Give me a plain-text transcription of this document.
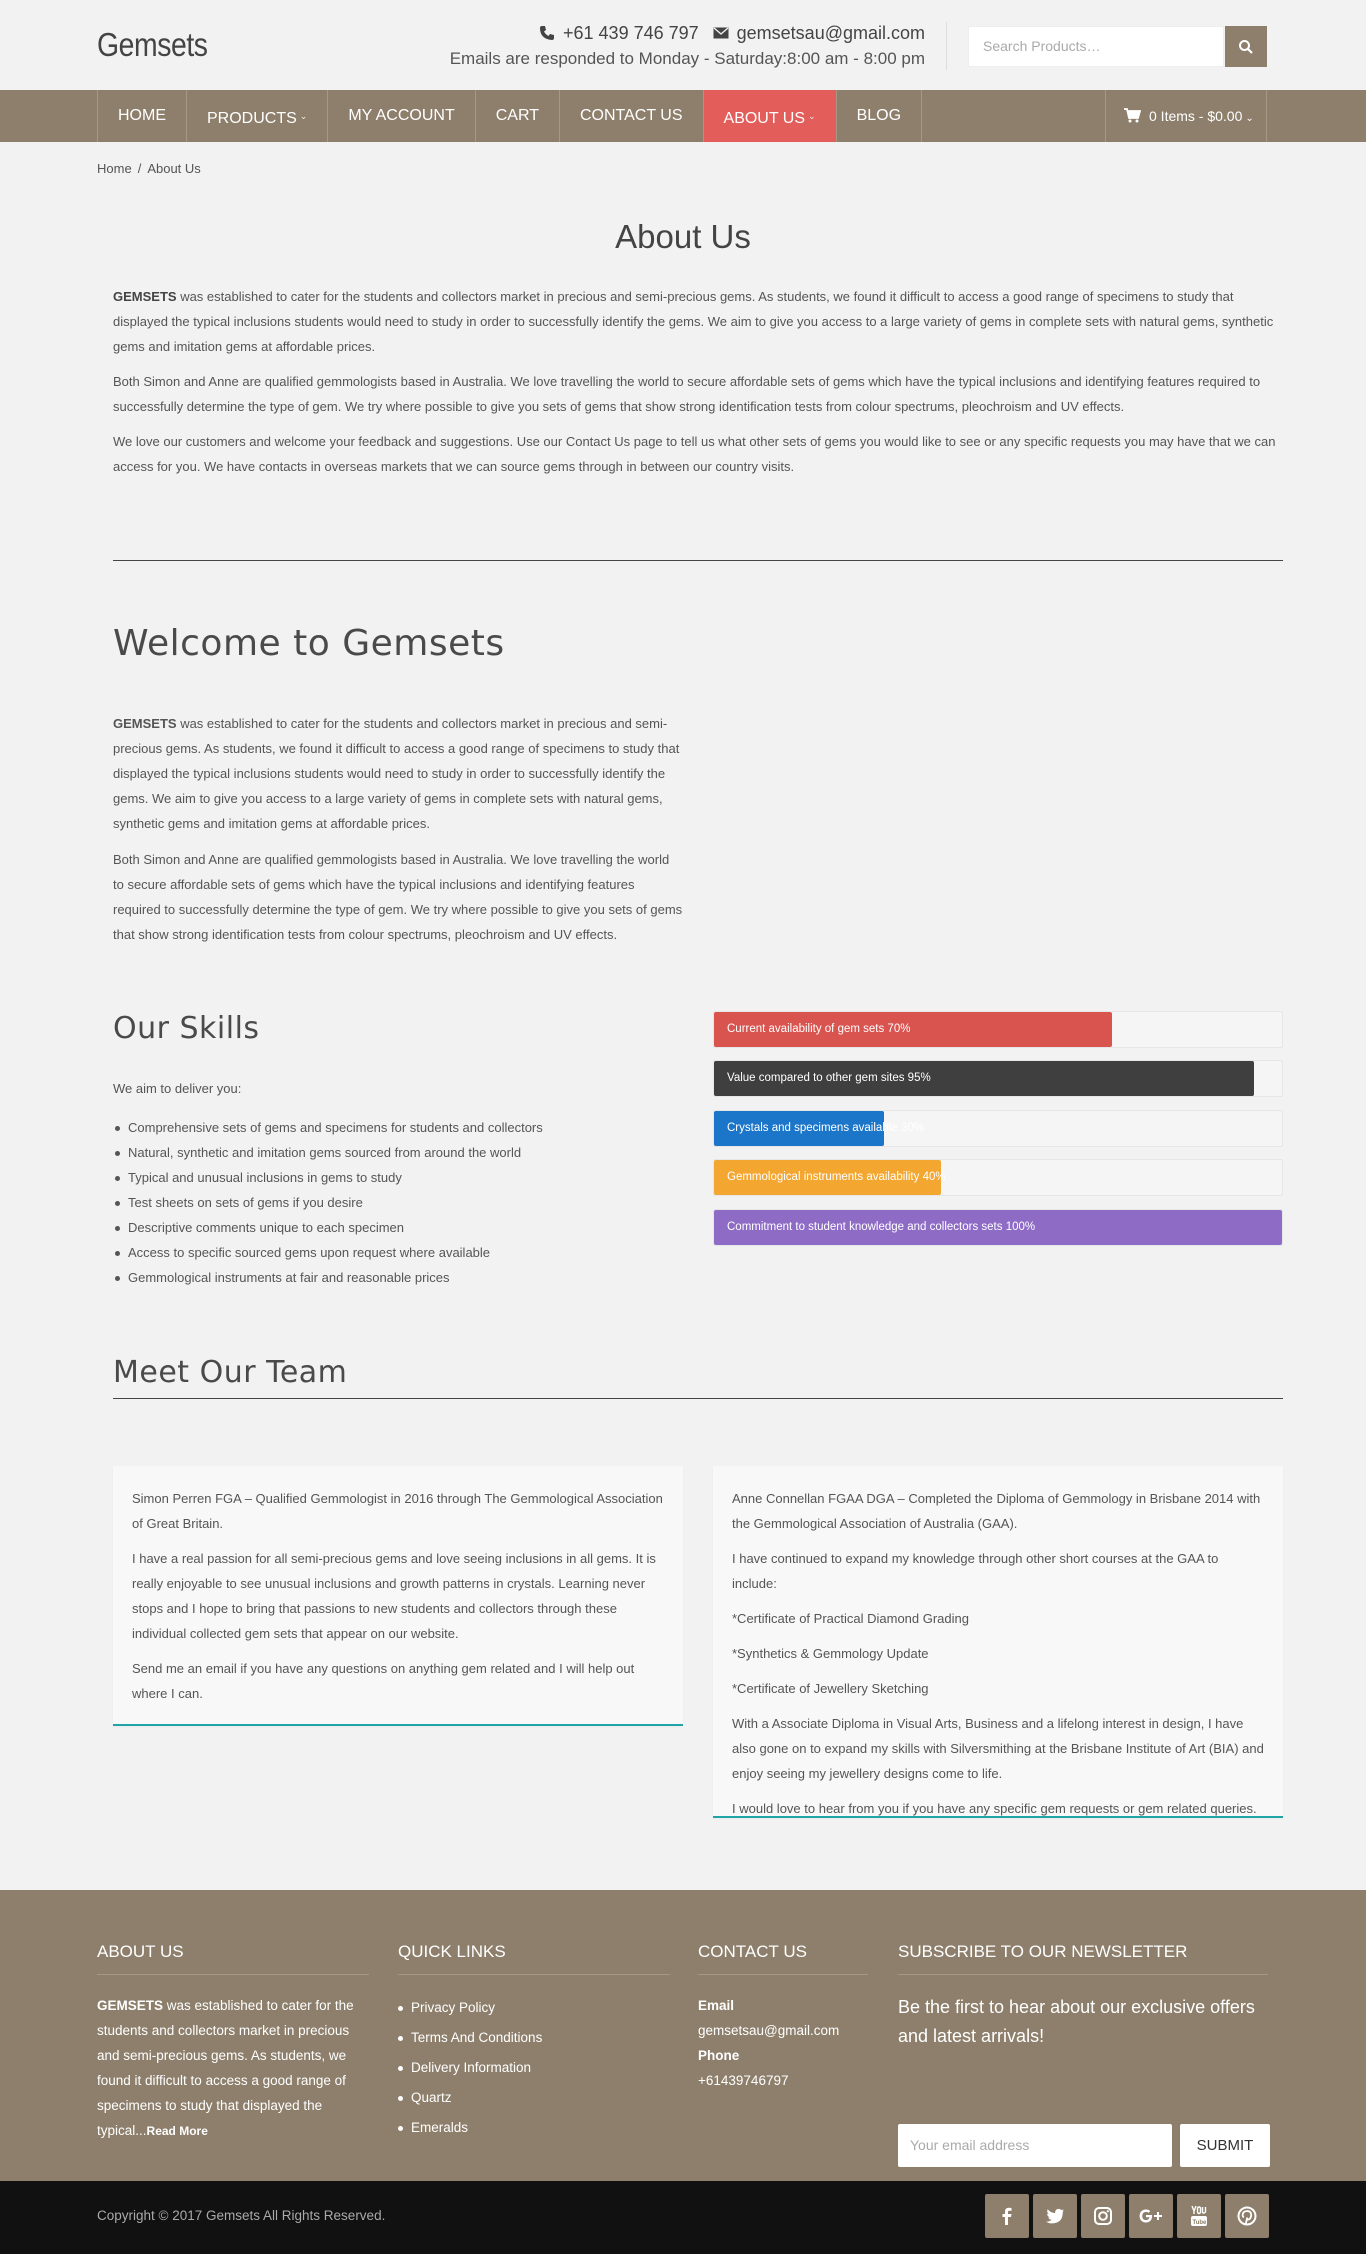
Gemsets	+61 439 746 797	gemsetsau@gmail.com
Emails are responded to Monday - Saturday:8:00 am - 8:00 pm
Search Products…
HOME	PRODUCTS ⌄	MY ACCOUNT	CART	CONTACT US	ABOUT US ⌄	BLOG	0 Items - $0.00 ⌄
Home / About Us
About Us
GEMSETS was established to cater for the students and collectors market in precious and semi-precious gems. As students, we found it difficult to access a good range of specimens to study that displayed the typical inclusions students would need to study in order to successfully identify the gems. We aim to give you access to a large variety of gems in complete sets with natural gems, synthetic gems and imitation gems at affordable prices.
Both Simon and Anne are qualified gemmologists based in Australia. We love travelling the world to secure affordable sets of gems which have the typical inclusions and identifying features required to successfully determine the type of gem. We try where possible to give you sets of gems that show strong identification tests from colour spectrums, pleochroism and UV effects.
We love our customers and welcome your feedback and suggestions. Use our Contact Us page to tell us what other sets of gems you would like to see or any specific requests you may have that we can access for you. We have contacts in overseas markets that we can source gems through in between our country visits.
Welcome to Gemsets
GEMSETS was established to cater for the students and collectors market in precious and semi-precious gems. As students, we found it difficult to access a good range of specimens to study that displayed the typical inclusions students would need to study in order to successfully identify the gems. We aim to give you access to a large variety of gems in complete sets with natural gems, synthetic gems and imitation gems at affordable prices.
Both Simon and Anne are qualified gemmologists based in Australia. We love travelling the world to secure affordable sets of gems which have the typical inclusions and identifying features required to successfully determine the type of gem. We try where possible to give you sets of gems that show strong identification tests from colour spectrums, pleochroism and UV effects.
Our Skills
We aim to deliver you:
Comprehensive sets of gems and specimens for students and collectors
Natural, synthetic and imitation gems sourced from around the world
Typical and unusual inclusions in gems to study
Test sheets on sets of gems if you desire
Descriptive comments unique to each specimen
Access to specific sourced gems upon request where available
Gemmological instruments at fair and reasonable prices
Current availability of gem sets 70%
Value compared to other gem sites 95%
Crystals and specimens available 30%
Gemmological instruments availability 40%
Commitment to student knowledge and collectors sets 100%
Meet Our Team

Simon Perren FGA – Qualified Gemmologist in 2016 through The Gemmological Association of Great Britain.

I have a real passion for all semi-precious gems and love seeing inclusions in all gems. It is really enjoyable to see unusual inclusions and growth patterns in crystals. Learning never stops and I hope to bring that passions to new students and collectors through these individual collected gem sets that appear on our website.

Send me an email if you have any questions on anything gem related and I will help out where I can.

Anne Connellan FGAA DGA – Completed the Diploma of Gemmology in Brisbane 2014 with the Gemmological Association of Australia (GAA).

I have continued to expand my knowledge through other short courses at the GAA to include:

*Certificate of Practical Diamond Grading

*Synthetics & Gemmology Update

*Certificate of Jewellery Sketching

With a Associate Diploma in Visual Arts, Business and a lifelong interest in design, I have also gone on to expand my skills with Silversmithing at the Brisbane Institute of Art (BIA) and enjoy seeing my jewellery designs come to life.

I would love to hear from you if you have any specific gem requests or gem related queries.

ABOUT US
GEMSETS was established to cater for the students and collectors market in precious and semi-precious gems. As students, we found it difficult to access a good range of specimens to study that displayed the typical...Read More
QUICK LINKS
Privacy Policy
Terms And Conditions
Delivery Information
Quartz
Emeralds
CONTACT US
Email
gemsetsau@gmail.com
Phone
+61439746797
SUBSCRIBE TO OUR NEWSLETTER
Be the first to hear about our exclusive offers and latest arrivals!
Your email address	SUBMIT
Copyright © 2017 Gemsets All Rights Reserved.	Tube
